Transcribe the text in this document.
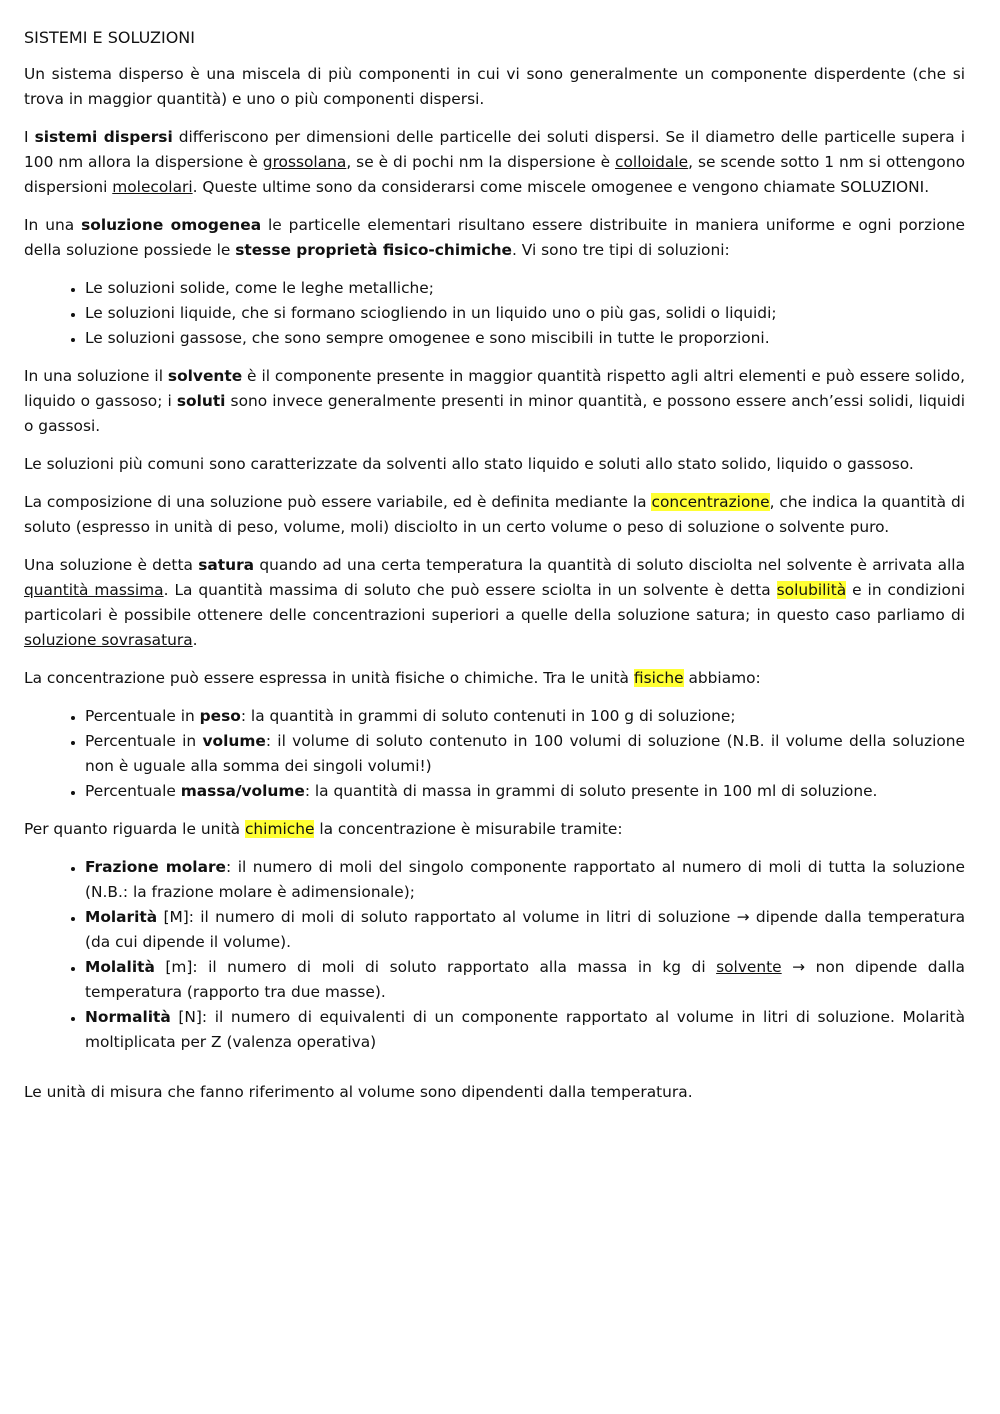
SISTEMI E SOLUZIONI

Un sistema disperso è una miscela di più componenti in cui vi sono generalmente un componente disperdente (che si trova in maggior quantità) e uno o più componenti dispersi.

I sistemi dispersi differiscono per dimensioni delle particelle dei soluti dispersi. Se il diametro delle particelle supera i 100 nm allora la dispersione è grossolana, se è di pochi nm la dispersione è colloidale, se scende sotto 1 nm si ottengono dispersioni molecolari. Queste ultime sono da considerarsi come miscele omogenee e vengono chiamate SOLUZIONI.

In una soluzione omogenea le particelle elementari risultano essere distribuite in maniera uniforme e ogni porzione della soluzione possiede le stesse proprietà fisico-chimiche. Vi sono tre tipi di soluzioni:

• Le soluzioni solide, come le leghe metalliche;
• Le soluzioni liquide, che si formano sciogliendo in un liquido uno o più gas, solidi o liquidi;
• Le soluzioni gassose, che sono sempre omogenee e sono miscibili in tutte le proporzioni.

In una soluzione il solvente è il componente presente in maggior quantità rispetto agli altri elementi e può essere solido, liquido o gassoso; i soluti sono invece generalmente presenti in minor quantità, e possono essere anch’essi solidi, liquidi o gassosi.

Le soluzioni più comuni sono caratterizzate da solventi allo stato liquido e soluti allo stato solido, liquido o gassoso.

La composizione di una soluzione può essere variabile, ed è definita mediante la concentrazione, che indica la quantità di soluto (espresso in unità di peso, volume, moli) disciolto in un certo volume o peso di soluzione o solvente puro.

Una soluzione è detta satura quando ad una certa temperatura la quantità di soluto disciolta nel solvente è arrivata alla quantità massima. La quantità massima di soluto che può essere sciolta in un solvente è detta solubilità e in condizioni particolari è possibile ottenere delle concentrazioni superiori a quelle della soluzione satura; in questo caso parliamo di soluzione sovrasatura.

La concentrazione può essere espressa in unità fisiche o chimiche. Tra le unità fisiche abbiamo:

• Percentuale in peso: la quantità in grammi di soluto contenuti in 100 g di soluzione;
• Percentuale in volume: il volume di soluto contenuto in 100 volumi di soluzione (N.B. il volume della soluzione non è uguale alla somma dei singoli volumi!)
• Percentuale massa/volume: la quantità di massa in grammi di soluto presente in 100 ml di soluzione.

Per quanto riguarda le unità chimiche la concentrazione è misurabile tramite:

• Frazione molare: il numero di moli del singolo componente rapportato al numero di moli di tutta la soluzione (N.B.: la frazione molare è adimensionale);
• Molarità [M]: il numero di moli di soluto rapportato al volume in litri di soluzione → dipende dalla temperatura (da cui dipende il volume).
• Molalità [m]: il numero di moli di soluto rapportato alla massa in kg di solvente → non dipende dalla temperatura (rapporto tra due masse).
• Normalità [N]: il numero di equivalenti di un componente rapportato al volume in litri di soluzione. Molarità moltiplicata per Z (valenza operativa)

Le unità di misura che fanno riferimento al volume sono dipendenti dalla temperatura.
